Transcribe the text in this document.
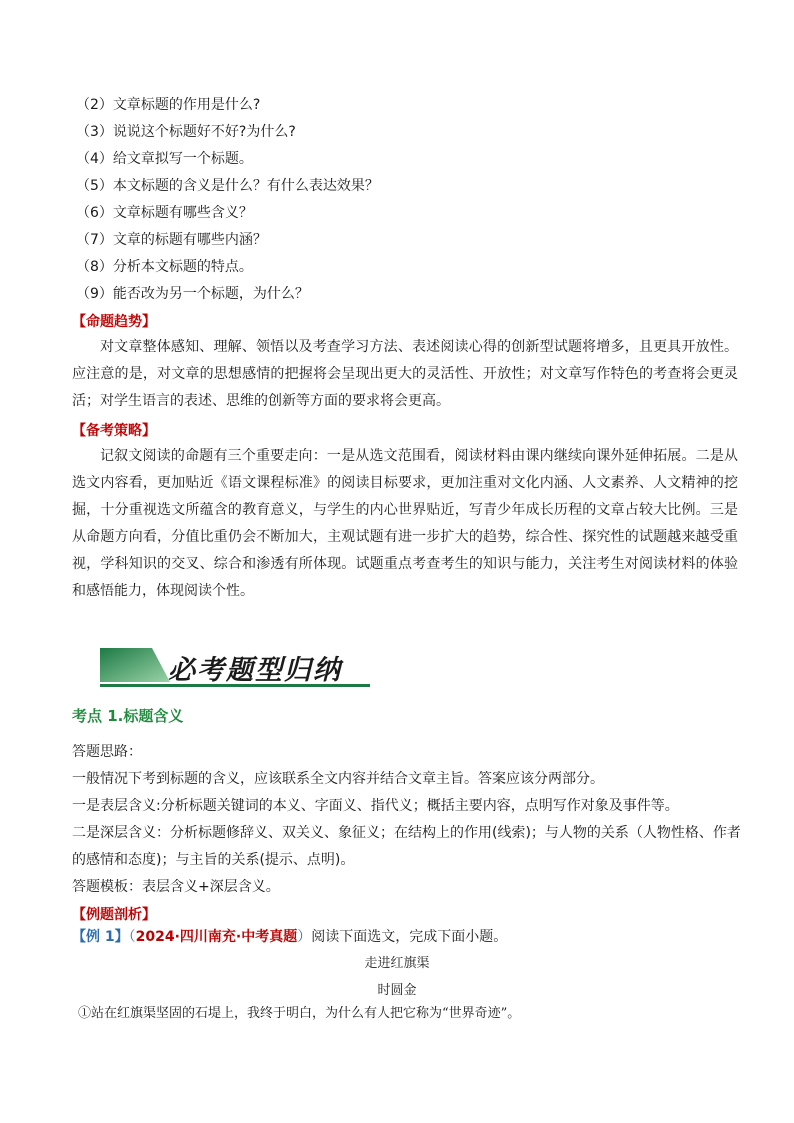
（2）文章标题的作用是什么?
（3）说说这个标题好不好?为什么?
（4）给文章拟写一个标题。
（5）本文标题的含义是什么？有什么表达效果？
（6）文章标题有哪些含义？
（7）文章的标题有哪些内涵？
（8）分析本文标题的特点。
（9）能否改为另一个标题，为什么？
【命题趋势】

对文章整体感知、理解、领悟以及考查学习方法、表述阅读心得的创新型试题将增多，且更具开放性。应注意的是，对文章的思想感情的把握将会呈现出更大的灵活性、开放性；对文章写作特色的考查将会更灵活；对学生语言的表述、思维的创新等方面的要求将会更高。

【备考策略】

记叙文阅读的命题有三个重要走向：一是从选文范围看，阅读材料由课内继续向课外延伸拓展。二是从选文内容看，更加贴近《语文课程标准》的阅读目标要求，更加注重对文化内涵、人文素养、人文精神的挖掘，十分重视选文所蕴含的教育意义，与学生的内心世界贴近，写青少年成长历程的文章占较大比例。三是从命题方向看，分值比重仍会不断加大，主观试题有进一步扩大的趋势，综合性、探究性的试题越来越受重视，学科知识的交叉、综合和渗透有所体现。试题重点考查考生的知识与能力，关注考生对阅读材料的体验和感悟能力，体现阅读个性。

必考题型归纳
考点 1.标题含义

答题思路：

一般情况下考到标题的含义，应该联系全文内容并结合文章主旨。答案应该分两部分。

一是表层含义:分析标题关键词的本义、字面义、指代义；概括主要内容，点明写作对象及事件等。

二是深层含义：分析标题修辞义、双关义、象征义；在结构上的作用(线索)；与人物的关系（人物性格、作者的感情和态度)；与主旨的关系(提示、点明)。

答题模板：表层含义+深层含义。

【例题剖析】
【例 1】（2024·四川南充·中考真题）阅读下面选文，完成下面小题。
走进红旗渠
时圆金
①站在红旗渠坚固的石堤上，我终于明白，为什么有人把它称为“世界奇迹”。
